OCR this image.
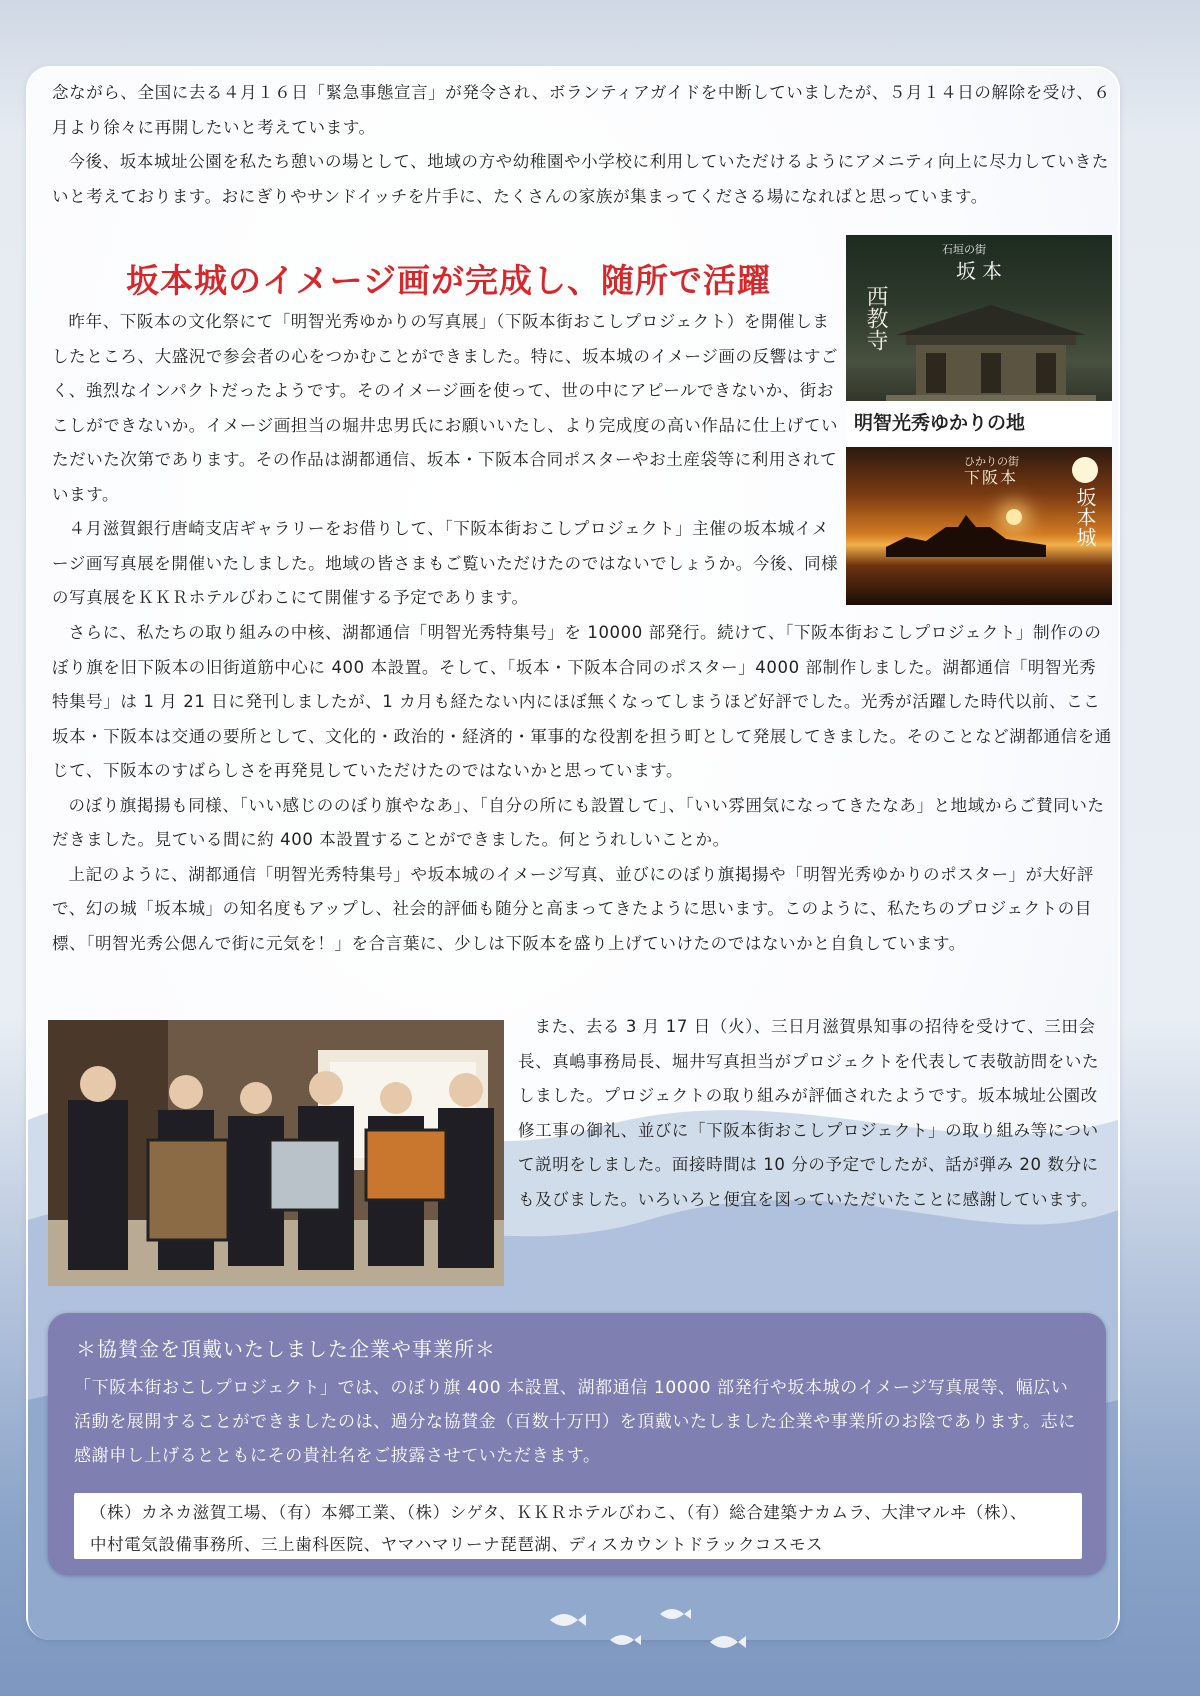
念ながら、全国に去る４月１６日「緊急事態宣言」が発令され、ボランティアガイドを中断していましたが、５月１４日の解除を受け、６月より徐々に再開したいと考えています。

今後、坂本城址公園を私たち憩いの場として、地域の方や幼稚園や小学校に利用していただけるようにアメニティ向上に尽力していきたいと考えております。おにぎりやサンドイッチを片手に、たくさんの家族が集まってくださる場になればと思っています。

坂本城のイメージ画が完成し、随所で活躍

昨年、下阪本の文化祭にて「明智光秀ゆかりの写真展」（下阪本街おこしプロジェクト）を開催しましたところ、大盛況で参会者の心をつかむことができました。特に、坂本城のイメージ画の反響はすごく、強烈なインパクトだったようです。そのイメージ画を使って、世の中にアピールできないか、街おこしができないか。イメージ画担当の堀井忠男氏にお願いいたし、より完成度の高い作品に仕上げていただいた次第であります。その作品は湖都通信、坂本・下阪本合同ポスターやお土産袋等に利用されています。

４月滋賀銀行唐崎支店ギャラリーをお借りして、「下阪本街おこしプロジェクト」主催の坂本城イメージ画写真展を開催いたしました。地域の皆さまもご覧いただけたのではないでしょうか。今後、同様の写真展をＫＫＲホテルびわこにて開催する予定であります。

石垣の街
坂本
西教寺
明智光秀ゆかりの地
ひかりの街
下阪本
坂本城

さらに、私たちの取り組みの中核、湖都通信「明智光秀特集号」を 10000 部発行。続けて、「下阪本街おこしプロジェクト」制作ののぼり旗を旧下阪本の旧街道筋中心に 400 本設置。そして、「坂本・下阪本合同のポスター」4000 部制作しました。湖都通信「明智光秀特集号」は 1 月 21 日に発刊しましたが、1 カ月も経たない内にほぼ無くなってしまうほど好評でした。光秀が活躍した時代以前、ここ坂本・下阪本は交通の要所として、文化的・政治的・経済的・軍事的な役割を担う町として発展してきました。そのことなど湖都通信を通じて、下阪本のすばらしさを再発見していただけたのではないかと思っています。

のぼり旗掲揚も同様、「いい感じののぼり旗やなあ」、「自分の所にも設置して」、「いい雰囲気になってきたなあ」と地域からご賛同いただきました。見ている間に約 400 本設置することができました。何とうれしいことか。

上記のように、湖都通信「明智光秀特集号」や坂本城のイメージ写真、並びにのぼり旗掲揚や「明智光秀ゆかりのポスター」が大好評で、幻の城「坂本城」の知名度もアップし、社会的評価も随分と高まってきたように思います。このように、私たちのプロジェクトの目標、「明智光秀公偲んで街に元気を！」を合言葉に、少しは下阪本を盛り上げていけたのではないかと自負しています。

また、去る 3 月 17 日（火）、三日月滋賀県知事の招待を受けて、三田会長、真嶋事務局長、堀井写真担当がプロジェクトを代表して表敬訪問をいたしました。プロジェクトの取り組みが評価されたようです。坂本城址公園改修工事の御礼、並びに「下阪本街おこしプロジェクト」の取り組み等について説明をしました。面接時間は 10 分の予定でしたが、話が弾み 20 数分にも及びました。いろいろと便宜を図っていただいたことに感謝しています。

＊協賛金を頂戴いたしました企業や事業所＊

「下阪本街おこしプロジェクト」では、のぼり旗 400 本設置、湖都通信 10000 部発行や坂本城のイメージ写真展等、幅広い活動を展開することができましたのは、過分な協賛金（百数十万円）を頂戴いたしました企業や事業所のお陰であります。志に感謝申し上げるとともにその貴社名をご披露させていただきます。

（株）カネカ滋賀工場、（有）本郷工業、（株）シゲタ、ＫＫＲホテルびわこ、（有）総合建築ナカムラ、大津マルヰ（株）、
中村電気設備事務所、三上歯科医院、ヤマハマリーナ琵琶湖、ディスカウントドラックコスモス
